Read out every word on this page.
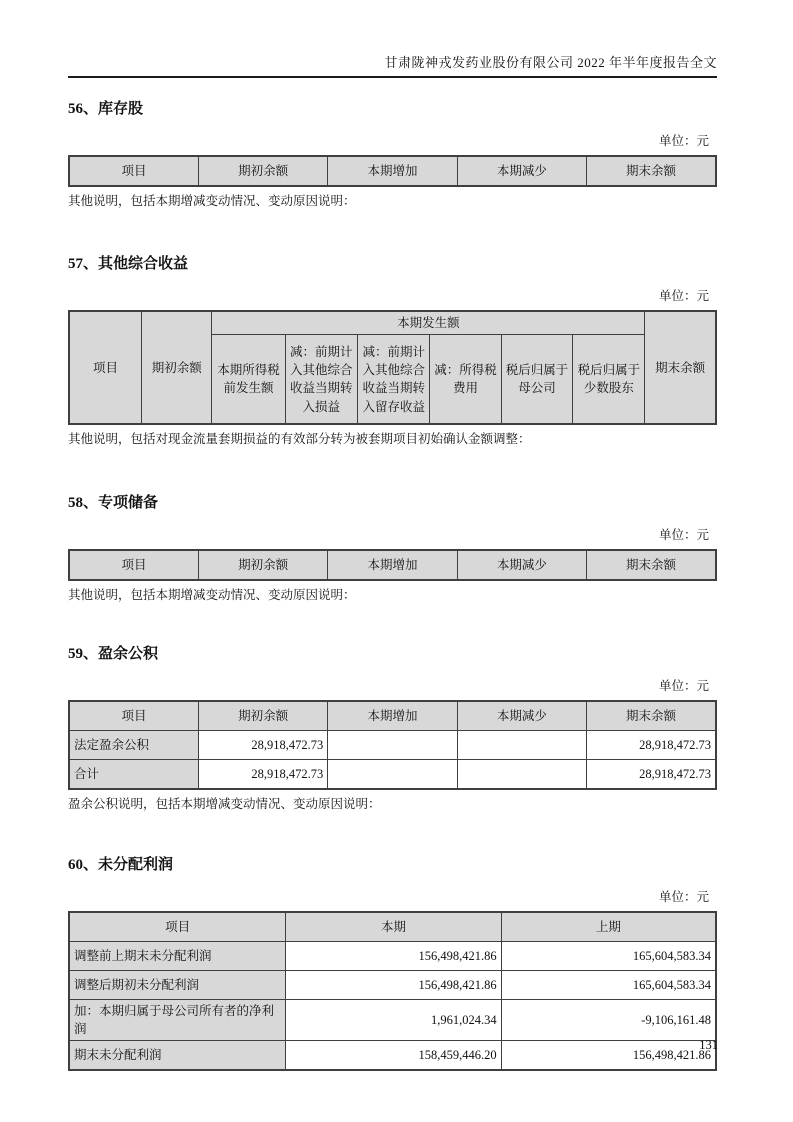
甘肃陇神戎发药业股份有限公司 2022 年半年度报告全文
56、库存股
单位：元
项目	期初余额	本期增加	本期减少	期末余额
其他说明，包括本期增减变动情况、变动原因说明：
57、其他综合收益
单位：元
项目	期初余额	本期发生额						期末余额
		本期所得税前发生额	减：前期计入其他综合收益当期转入损益	减：前期计入其他综合收益当期转入留存收益	减：所得税费用	税后归属于母公司	税后归属于少数股东	
其他说明，包括对现金流量套期损益的有效部分转为被套期项目初始确认金额调整：
58、专项储备
单位：元
项目	期初余额	本期增加	本期减少	期末余额
其他说明，包括本期增减变动情况、变动原因说明：
59、盈余公积
单位：元
项目	期初余额	本期增加	本期减少	期末余额
法定盈余公积	28,918,472.73			28,918,472.73
合计	28,918,472.73			28,918,472.73
盈余公积说明，包括本期增减变动情况、变动原因说明：
60、未分配利润
单位：元
项目	本期	上期
调整前上期末未分配利润	156,498,421.86	165,604,583.34
调整后期初未分配利润	156,498,421.86	165,604,583.34
加：本期归属于母公司所有者的净利润	1,961,024.34	-9,106,161.48
期末未分配利润	158,459,446.20	156,498,421.86
131
